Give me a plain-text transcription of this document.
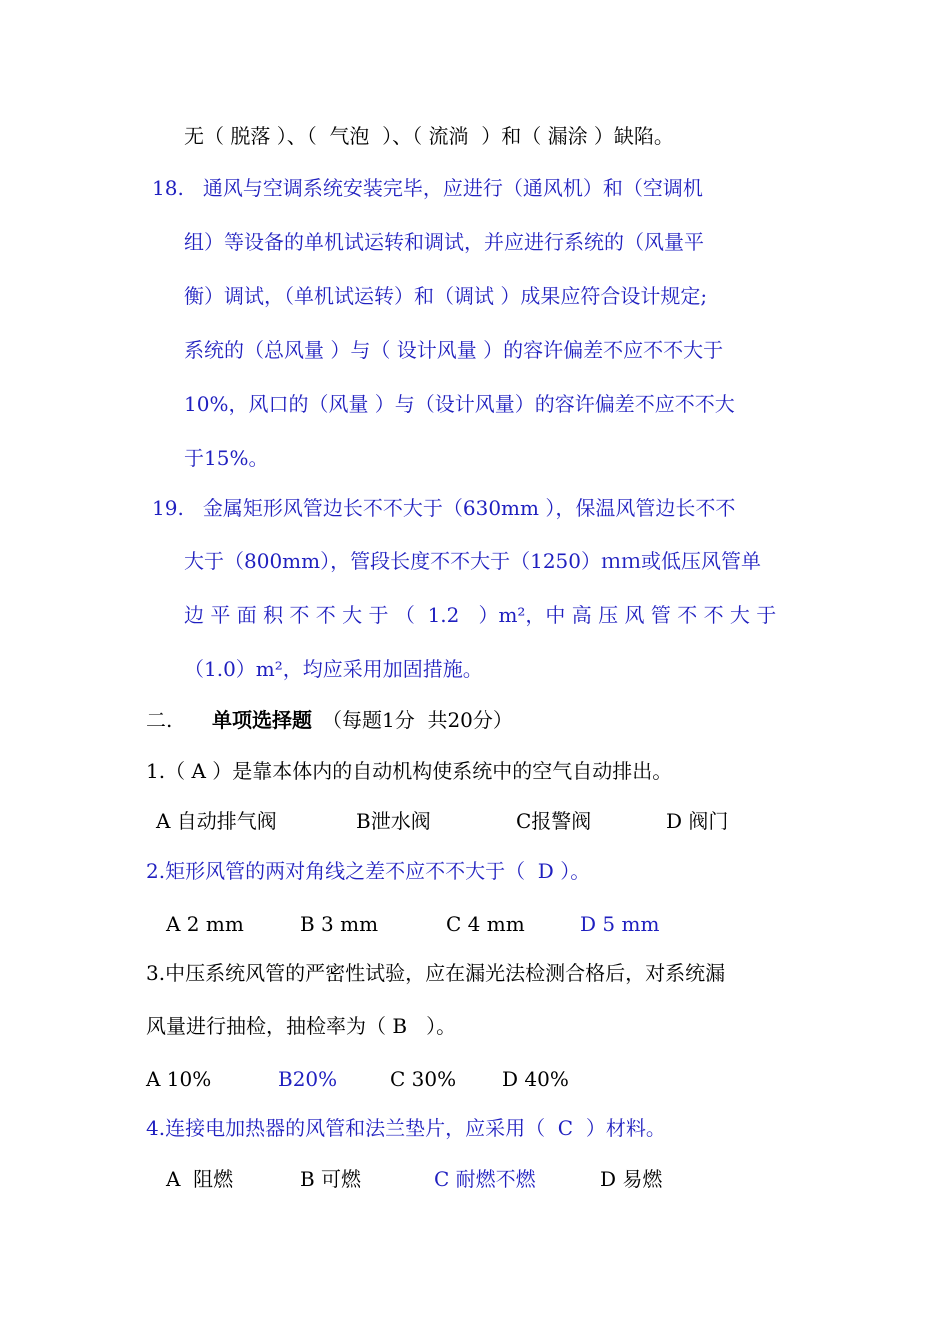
无（ 脱落 ）、（  气泡  ）、（ 流淌  ）和（ 漏涂 ）缺陷。
18.   通风与空调系统安装完毕，应进行（通风机）和（空调机
组）等设备的单机试运转和调试，并应进行系统的（风量平
衡）调试，（单机试运转）和（调试 ）成果应符合设计规定;
系统的（总风量 ）与（ 设计风量 ）的容许偏差不应不不大于
10%，风口的（风量 ）与（设计风量）的容许偏差不应不不大
于15%。
19.   金属矩形风管边长不不大于（630mm ），保温风管边长不不
大于（800mm），管段长度不不大于（1250）ｍｍ或低压风管单
边 平 面 积 不 不 大 于 （  1.2   ）m²，中 高 压 风 管 不 不 大 于
（1.0）m²，均应采用加固措施。
二. 单项选择题 （每题1分  共20分）
1.（ A ）是靠本体内的自动机构使系统中的空气自动排出。
A 自动排气阀	B泄水阀	C报警阀	D 阀门
2.矩形风管的两对角线之差不应不不大于（  D ）。
A 2 mm	B 3 mm	C 4 mm	D 5 mm
3.中压系统风管的严密性试验，应在漏光法检测合格后，对系统漏
风量进行抽检，抽检率为（ B   ）。
A 10%	B20%	C 30% D 40%
4.连接电加热器的风管和法兰垫片，应采用（  C  ）材料。
A  阻燃	B 可燃	C 耐燃不燃	D 易燃
